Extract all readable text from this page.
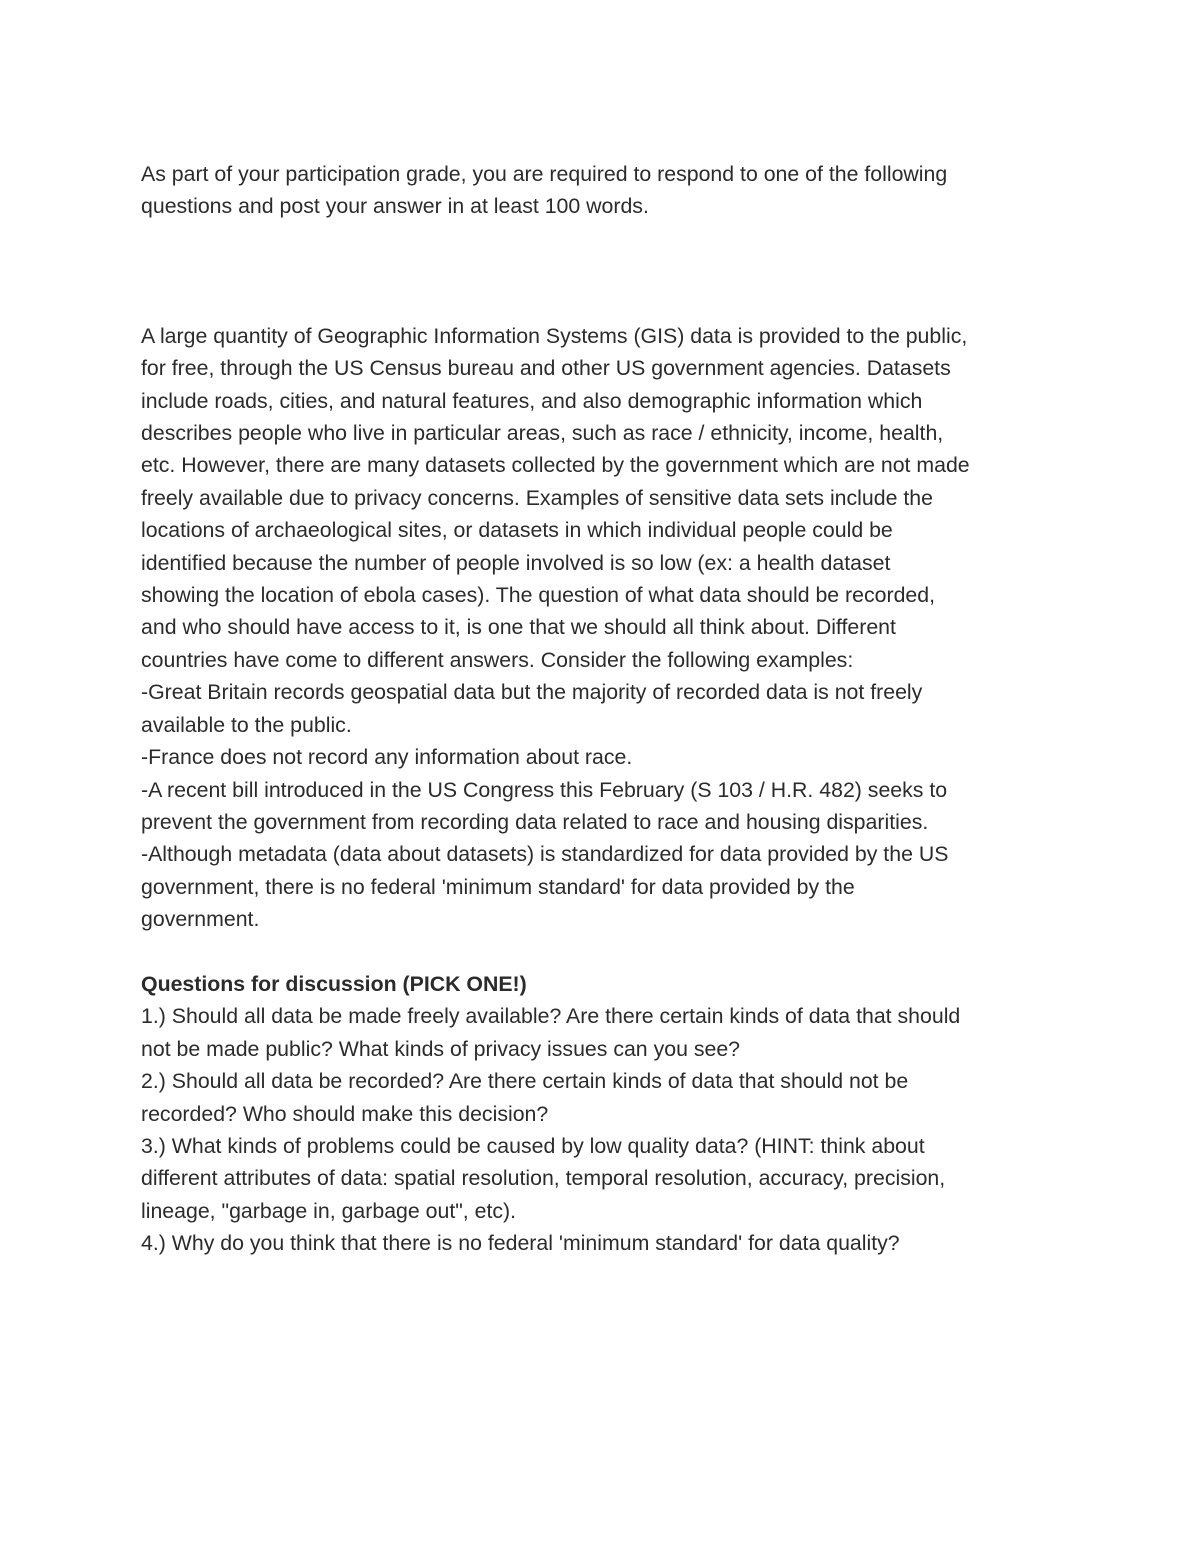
As part of your participation grade, you are required to respond to one of the following
questions and post your answer in at least 100 words.

A large quantity of Geographic Information Systems (GIS) data is provided to the public,
for free, through the US Census bureau and other US government agencies. Datasets
include roads, cities, and natural features, and also demographic information which
describes people who live in particular areas, such as race / ethnicity, income, health,
etc. However, there are many datasets collected by the government which are not made
freely available due to privacy concerns. Examples of sensitive data sets include the
locations of archaeological sites, or datasets in which individual people could be
identified because the number of people involved is so low (ex: a health dataset
showing the location of ebola cases). The question of what data should be recorded,
and who should have access to it, is one that we should all think about. Different
countries have come to different answers. Consider the following examples:
-Great Britain records geospatial data but the majority of recorded data is not freely
available to the public.
-France does not record any information about race.
-A recent bill introduced in the US Congress this February (S 103 / H.R. 482) seeks to
prevent the government from recording data related to race and housing disparities.
-Although metadata (data about datasets) is standardized for data provided by the US
government, there is no federal 'minimum standard' for data provided by the
government.

Questions for discussion (PICK ONE!)
1.) Should all data be made freely available? Are there certain kinds of data that should
not be made public? What kinds of privacy issues can you see?
2.) Should all data be recorded? Are there certain kinds of data that should not be
recorded? Who should make this decision?
3.) What kinds of problems could be caused by low quality data? (HINT: think about
different attributes of data: spatial resolution, temporal resolution, accuracy, precision,
lineage, "garbage in, garbage out", etc).
4.) Why do you think that there is no federal 'minimum standard' for data quality?
